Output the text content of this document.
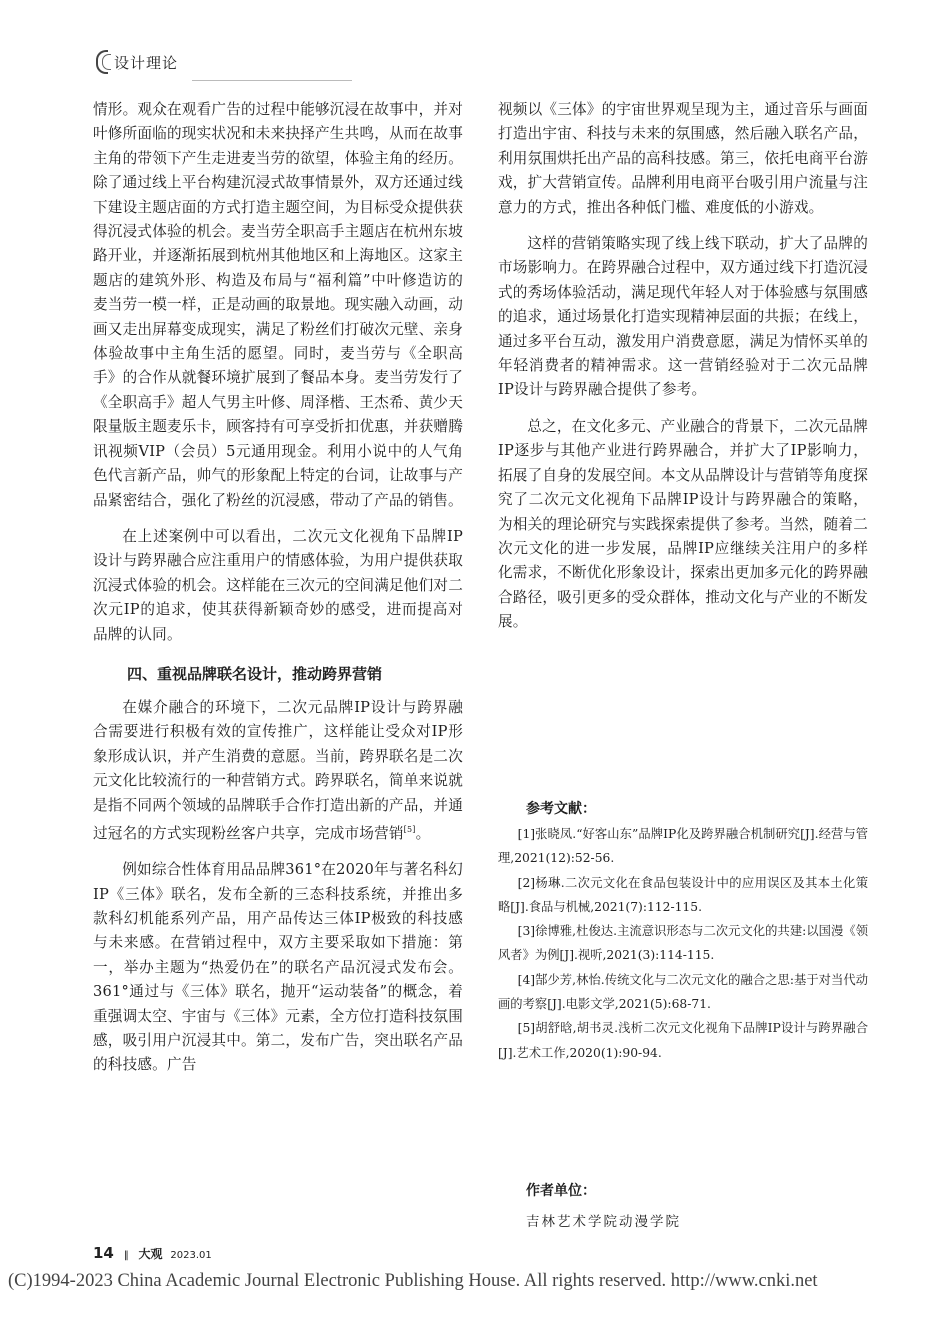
设计理论

情形。观众在观看广告的过程中能够沉浸在故事中，并对叶修所面临的现实状况和未来抉择产生共鸣，从而在故事主角的带领下产生走进麦当劳的欲望，体验主角的经历。除了通过线上平台构建沉浸式故事情景外，双方还通过线下建设主题店面的方式打造主题空间，为目标受众提供获得沉浸式体验的机会。麦当劳全职高手主题店在杭州东坡路开业，并逐渐拓展到杭州其他地区和上海地区。这家主题店的建筑外形、构造及布局与“福利篇”中叶修造访的麦当劳一模一样，正是动画的取景地。现实融入动画，动画又走出屏幕变成现实，满足了粉丝们打破次元壁、亲身体验故事中主角生活的愿望。同时，麦当劳与《全职高手》的合作从就餐环境扩展到了餐品本身。麦当劳发行了《全职高手》超人气男主叶修、周泽楷、王杰希、黄少天限量版主题麦乐卡，顾客持有可享受折扣优惠，并获赠腾讯视频VIP（会员）5元通用现金。利用小说中的人气角色代言新产品，帅气的形象配上特定的台词，让故事与产品紧密结合，强化了粉丝的沉浸感，带动了产品的销售。

在上述案例中可以看出，二次元文化视角下品牌IP设计与跨界融合应注重用户的情感体验，为用户提供获取沉浸式体验的机会。这样能在三次元的空间满足他们对二次元IP的追求，使其获得新颖奇妙的感受，进而提高对品牌的认同。

四、重视品牌联名设计，推动跨界营销

在媒介融合的环境下，二次元品牌IP设计与跨界融合需要进行积极有效的宣传推广，这样能让受众对IP形象形成认识，并产生消费的意愿。当前，跨界联名是二次元文化比较流行的一种营销方式。跨界联名，简单来说就是指不同两个领域的品牌联手合作打造出新的产品，并通过冠名的方式实现粉丝客户共享，完成市场营销[5]。

例如综合性体育用品品牌361°在2020年与著名科幻IP《三体》联名，发布全新的三态科技系统，并推出多款科幻机能系列产品，用产品传达三体IP极致的科技感与未来感。在营销过程中，双方主要采取如下措施：第一，举办主题为“热爱仍在”的联名产品沉浸式发布会。361°通过与《三体》联名，抛开“运动装备”的概念，着重强调太空、宇宙与《三体》元素，全方位打造科技氛围感，吸引用户沉浸其中。第二，发布广告，突出联名产品的科技感。广告

视频以《三体》的宇宙世界观呈现为主，通过音乐与画面打造出宇宙、科技与未来的氛围感，然后融入联名产品，利用氛围烘托出产品的高科技感。第三，依托电商平台游戏，扩大营销宣传。品牌利用电商平台吸引用户流量与注意力的方式，推出各种低门槛、难度低的小游戏。

这样的营销策略实现了线上线下联动，扩大了品牌的市场影响力。在跨界融合过程中，双方通过线下打造沉浸式的秀场体验活动，满足现代年轻人对于体验感与氛围感的追求，通过场景化打造实现精神层面的共振；在线上，通过多平台互动，激发用户消费意愿，满足为情怀买单的年轻消费者的精神需求。这一营销经验对于二次元品牌IP设计与跨界融合提供了参考。

总之，在文化多元、产业融合的背景下，二次元品牌IP逐步与其他产业进行跨界融合，并扩大了IP影响力，拓展了自身的发展空间。本文从品牌设计与营销等角度探究了二次元文化视角下品牌IP设计与跨界融合的策略，为相关的理论研究与实践探索提供了参考。当然，随着二次元文化的进一步发展，品牌IP应继续关注用户的多样化需求，不断优化形象设计，探索出更加多元化的跨界融合路径，吸引更多的受众群体，推动文化与产业的不断发展。

参考文献：

[1]张晓凤.“好客山东”品牌IP化及跨界融合机制研究[J].经营与管理,2021(12):52-56.

[2]杨琳.二次元文化在食品包装设计中的应用误区及其本土化策略[J].食品与机械,2021(7):112-115.

[3]徐博雅,杜俊达.主流意识形态与二次元文化的共建:以国漫《领风者》为例[J].视听,2021(3):114-115.

[4]郜少芳,林怡.传统文化与二次元文化的融合之思:基于对当代动画的考察[J].电影文学,2021(5):68-71.

[5]胡舒晗,胡书灵.浅析二次元文化视角下品牌IP设计与跨界融合[J].艺术工作,2020(1):90-94.

作者单位：

吉林艺术学院动漫学院

14 ‖ 大观 2023.01
(C)1994-2023 China Academic Journal Electronic Publishing House. All rights reserved. http://www.cnki.net
